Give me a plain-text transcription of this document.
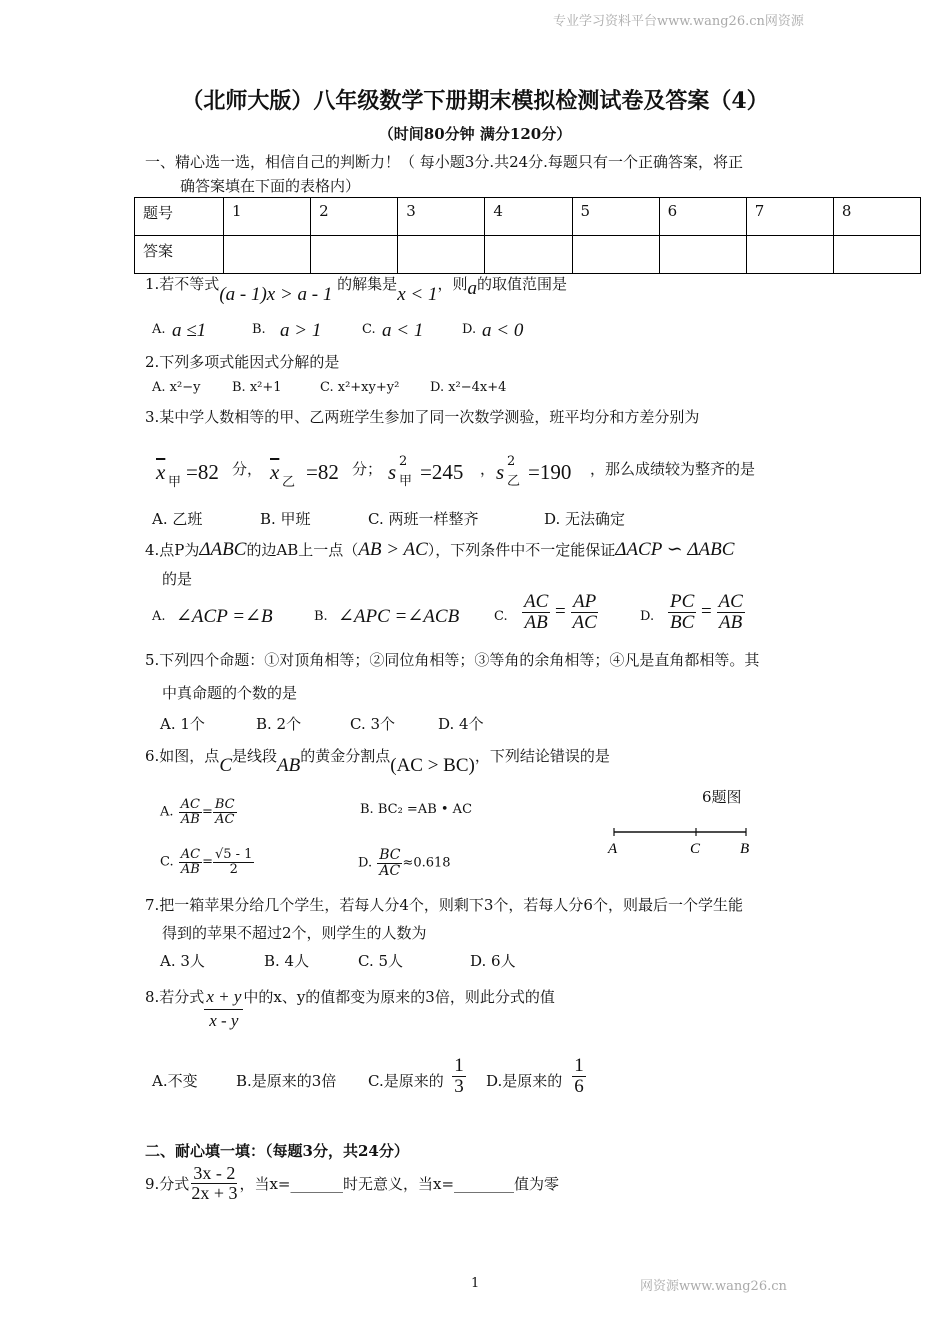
专业学习资料平台www.wang26.cn网资源
网资源www.wang26.cn
1
（北师大版）八年级数学下册期末模拟检测试卷及答案（4）
（时间80分钟 满分120分）
一、精心选一选，相信自己的判断力！（ 每小题3分.共24分.每题只有一个正确答案，将正
确答案填在下面的表格内）
题号	1	2	3	4	5	6	7	8
答案								
1.若不等式(a - 1)x > a - 1 的解集是x < 1，则a的取值范围是
A. a ≤1	B. a > 1	C. a < 1	D. a < 0
2.下列多项式能因式分解的是
A. x²−y B. x²+1	C. x²+xy+y² D. x²−4x+4
3.某中学人数相等的甲、乙两班学生参加了同一次数学测验，班平均分和方差分别为
$\overline{x}$ 甲 =82 分， $\overline{x}$ 乙 =82 分； s 2
甲 =245 ， s 2
乙 =190 ，那么成绩较为整齐的是
A. 乙班	B. 甲班	C. 两班一样整齐	D. 无法确定
4.点P为ΔABC的边AB上一点（AB > AC），下列条件中不一定能保证ΔACP ∽ ΔABC
的是
A. ∠ACP =∠B	B. ∠APC =∠ACB	C. $\frac{AC}{AB} = \frac{AP}{AC}$	D. $\frac{PC}{BC} = \frac{AC}{AB}$
5.下列四个命题：①对顶角相等；②同位角相等；③等角的余角相等；④凡是直角都相等。其
中真命题的个数的是
A. 1个	B. 2个	C. 3个	D. 4个
6.如图，点C是线段AB的黄金分割点(AC > BC)，下列结论错误的是
6题图
A	C	B
A. $\frac{AC}{AB} = \frac{BC}{AC}$	B. BC₂ =AB • AC
C. $\frac{AC}{AB} = \frac{√5 - 1}{2}$	D. $\frac{BC}{AC} \approx 0.618$
7.把一箱苹果分给几个学生，若每人分4个，则剩下3个，若每人分6个，则最后一个学生能
得到的苹果不超过2个，则学生的人数为
A. 3人	B. 4人	C. 5人	D. 6人
8.若分式 $\frac{x + y}{x - y}$ 中的x、y的值都变为原来的3倍，则此分式的值
A.不变	B.是原来的3倍 C.是原来的
1
3 D.是原来的
1
6
二、耐心填一填：（每题3分，共24分）
9.分式 $\frac{3x - 2}{2x + 3}$ ，当x=_______时无意义，当x=________值为零
